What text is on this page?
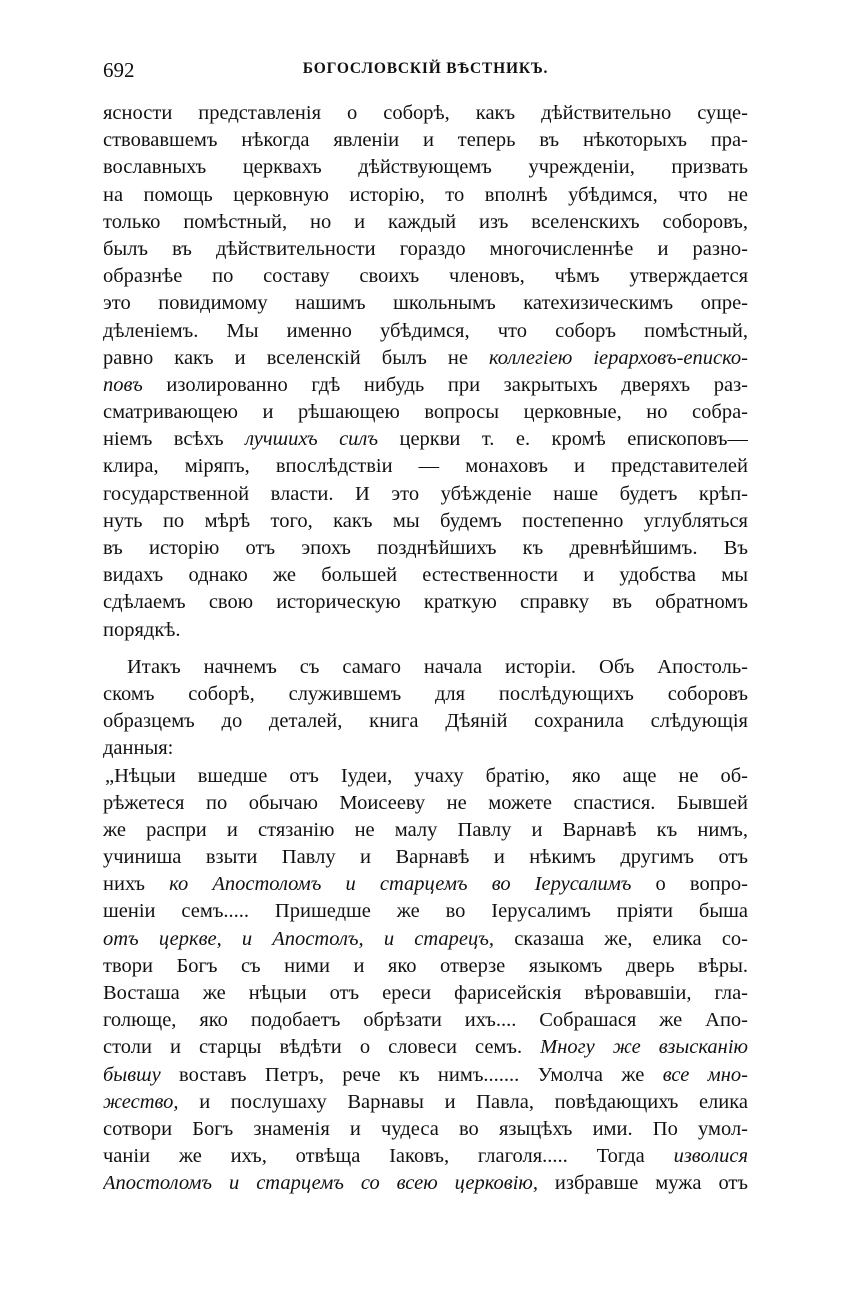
692	БОГОСЛОВСКІЙ ВѢСТНИКЪ.
ясности представленія о соборѣ, какъ дѣйствительно суще-
ствовавшемъ нѣкогда явленіи и теперь въ нѣкоторыхъ пра-
вославныхъ церквахъ дѣйствующемъ учрежденіи, призвать
на помощь церковную исторію, то вполнѣ убѣдимся, что не
только помѣстный, но и каждый изъ вселенскихъ соборовъ,
былъ въ дѣйствительности гораздо многочисленнѣе и разно-
образнѣе по составу своихъ членовъ, чѣмъ утверждается
это повидимому нашимъ школьнымъ катехизическимъ опре-
дѣленіемъ. Мы именно убѣдимся, что соборъ помѣстный,
равно какъ и вселенскій былъ не коллегіею іерарховъ-еписко-
повъ изолированно гдѣ нибудь при закрытыхъ дверяхъ раз-
сматривающею и рѣшающею вопросы церковные, но собра-
ніемъ всѣхъ лучшихъ силъ церкви т. е. кромѣ епископовъ—
клира, міряпъ, впослѣдствіи — монаховъ и представителей
государственной власти. И это убѣжденіе наше будетъ крѣп-
нуть по мѣрѣ того, какъ мы будемъ постепенно углубляться
въ исторію отъ эпохъ позднѣйшихъ къ древнѣйшимъ. Въ
видахъ однако же большей естественности и удобства мы
сдѣлаемъ свою историческую краткую справку въ обратномъ
порядкѣ.
Итакъ начнемъ съ самаго начала исторіи. Объ Апостоль-
скомъ соборѣ, служившемъ для послѣдующихъ соборовъ
образцемъ до деталей, книга Дѣяній сохранила слѣдующія
данныя:
„Нѣцыи вшедше отъ Іудеи, учаху братію, яко аще не об-
рѣжетеся по обычаю Моисееву не можете спастися. Бывшей
же распри и стязанію не малу Павлу и Варнавѣ къ нимъ,
учиниша взыти Павлу и Варнавѣ и нѣкимъ другимъ отъ
нихъ ко Апостоломъ и старцемъ во Іерусалимъ о вопро-
шеніи семъ..... Пришедше же во Іерусалимъ пріяти быша
отъ церкве, и Апостолъ, и старецъ, сказаша же, елика со-
твори Богъ съ ними и яко отверзе языкомъ дверь вѣры.
Восташа же нѣцыи отъ ереси фарисейскія вѣровавшіи, гла-
голюще, яко подобаетъ обрѣзати ихъ.... Собрашася же Апо-
столи и старцы вѣдѣти о словеси семъ. Многу же взысканію
бывшу воставъ Петръ, рече къ нимъ....... Умолча же все мно-
жество, и послушаху Варнавы и Павла, повѣдающихъ елика
сотвори Богъ знаменія и чудеса во языцѣхъ ими. По умол-
чаніи же ихъ, отвѣща Іаковъ, глаголя..... Тогда изволися
Апостоломъ и старцемъ со всею церковію, избравше мужа отъ
